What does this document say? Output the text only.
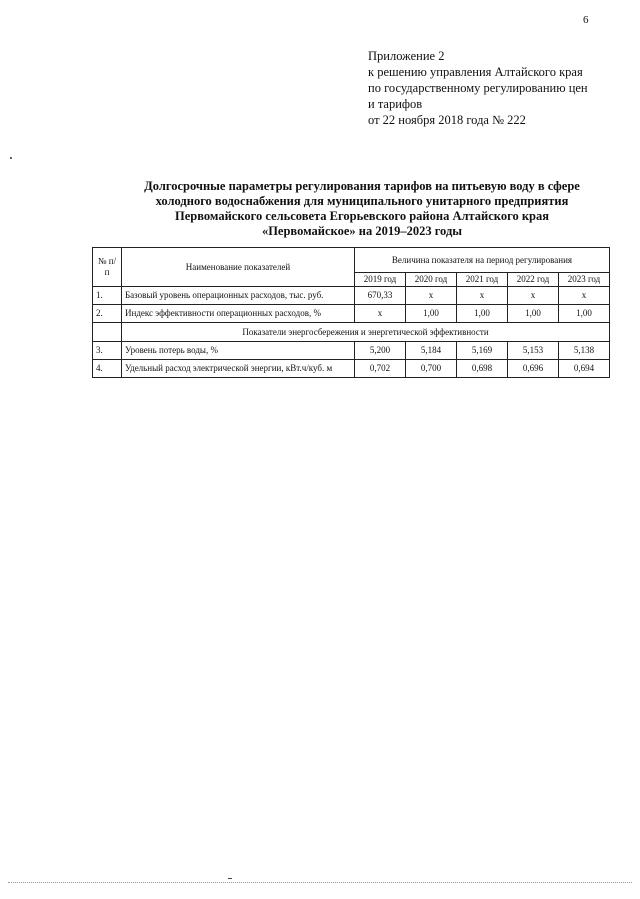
6
Приложение 2
к решению управления Алтайского края
по государственному регулированию цен
и тарифов
от 22 ноября 2018 года № 222
Долгосрочные параметры регулирования тарифов на питьевую воду в сфере
холодного водоснабжения для муниципального унитарного предприятия
Первомайского сельсовета Егорьевского района Алтайского края
«Первомайское» на 2019–2023 годы
№ п/п	Наименование показателей	Величина показателя на период регулирования				
		2019 год	2020 год	2021 год	2022 год	2023 год
1.	Базовый уровень операционных расходов, тыс. руб.	670,33	х	х	х	х
2.	Индекс эффективности операционных расходов, %	х	1,00	1,00	1,00	1,00
	Показатели энергосбережения и энергетической эффективности					
3.	Уровень потерь воды, %	5,200	5,184	5,169	5,153	5,138
4.	Удельный расход электрической энергии, кВт.ч/куб. м	0,702	0,700	0,698	0,696	0,694
